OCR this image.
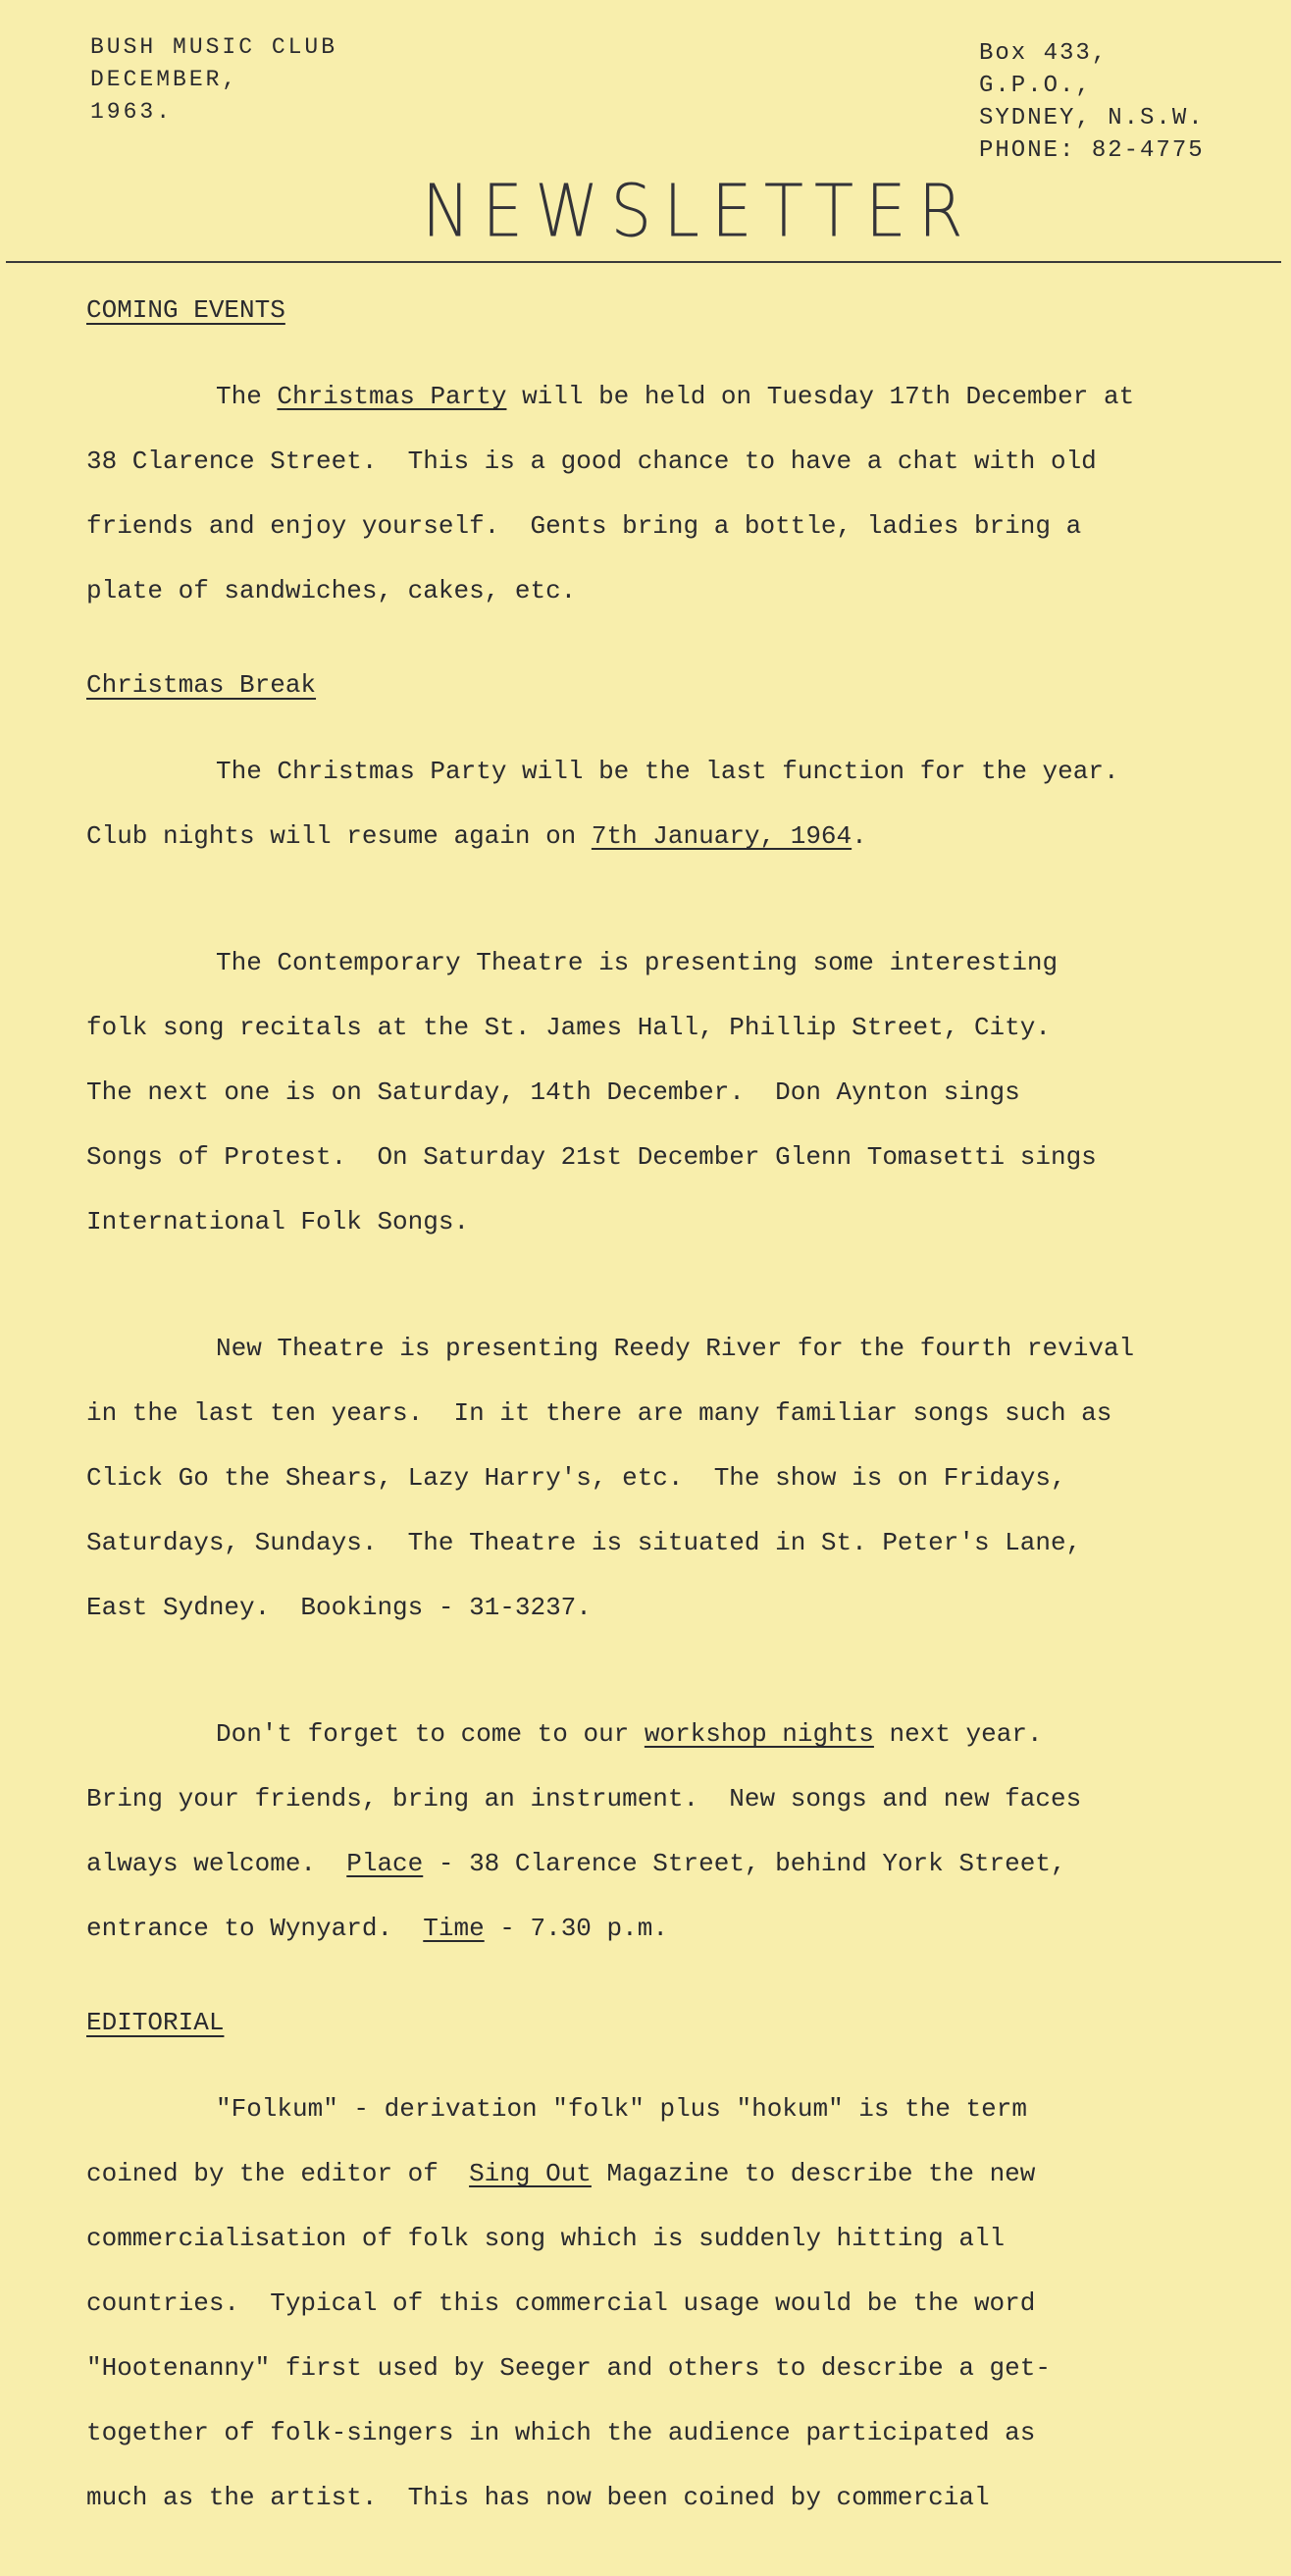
BUSH MUSIC CLUB
DECEMBER,
1963.
Box 433,
G.P.O.,
SYDNEY, N.S.W.
PHONE: 82-4775
NEWSLETTER
COMING EVENTS

The Christmas Party will be held on Tuesday 17th December at

38 Clarence Street.  This is a good chance to have a chat with old

friends and enjoy yourself.  Gents bring a bottle, ladies bring a

plate of sandwiches, cakes, etc.

Christmas Break

The Christmas Party will be the last function for the year.

Club nights will resume again on 7th January, 1964.

The Contemporary Theatre is presenting some interesting

folk song recitals at the St. James Hall, Phillip Street, City.

The next one is on Saturday, 14th December.  Don Aynton sings

Songs of Protest.  On Saturday 21st December Glenn Tomasetti sings

International Folk Songs.

New Theatre is presenting Reedy River for the fourth revival

in the last ten years.  In it there are many familiar songs such as

Click Go the Shears, Lazy Harry's, etc.  The show is on Fridays,

Saturdays, Sundays.  The Theatre is situated in St. Peter's Lane,

East Sydney.  Bookings - 31-3237.

Don't forget to come to our workshop nights next year.

Bring your friends, bring an instrument.  New songs and new faces

always welcome.  Place - 38 Clarence Street, behind York Street,

entrance to Wynyard.  Time - 7.30 p.m.

EDITORIAL

"Folkum" - derivation "folk" plus "hokum" is the term

coined by the editor of  Sing Out Magazine to describe the new

commercialisation of folk song which is suddenly hitting all

countries.  Typical of this commercial usage would be the word

"Hootenanny" first used by Seeger and others to describe a get-

together of folk-singers in which the audience participated as

much as the artist.  This has now been coined by commercial
